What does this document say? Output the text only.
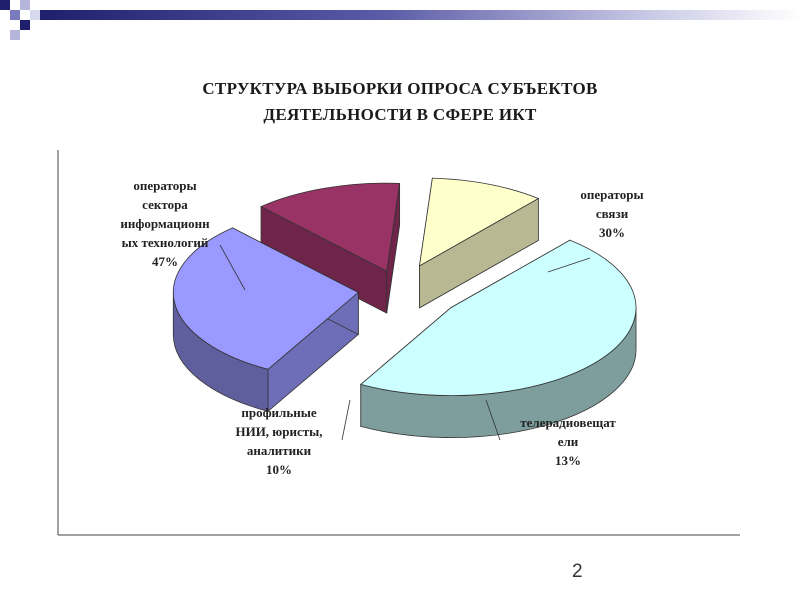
СТРУКТУРА ВЫБОРКИ ОПРОСА СУБЪЕКТОВ
ДЕЯТЕЛЬНОСТИ В СФЕРЕ ИКТ
операторы
сектора
информационн
ых технологий
47%
операторы
связи
30%
телерадиовещат
ели
13%
профильные
НИИ, юристы,
аналитики
10%
2
